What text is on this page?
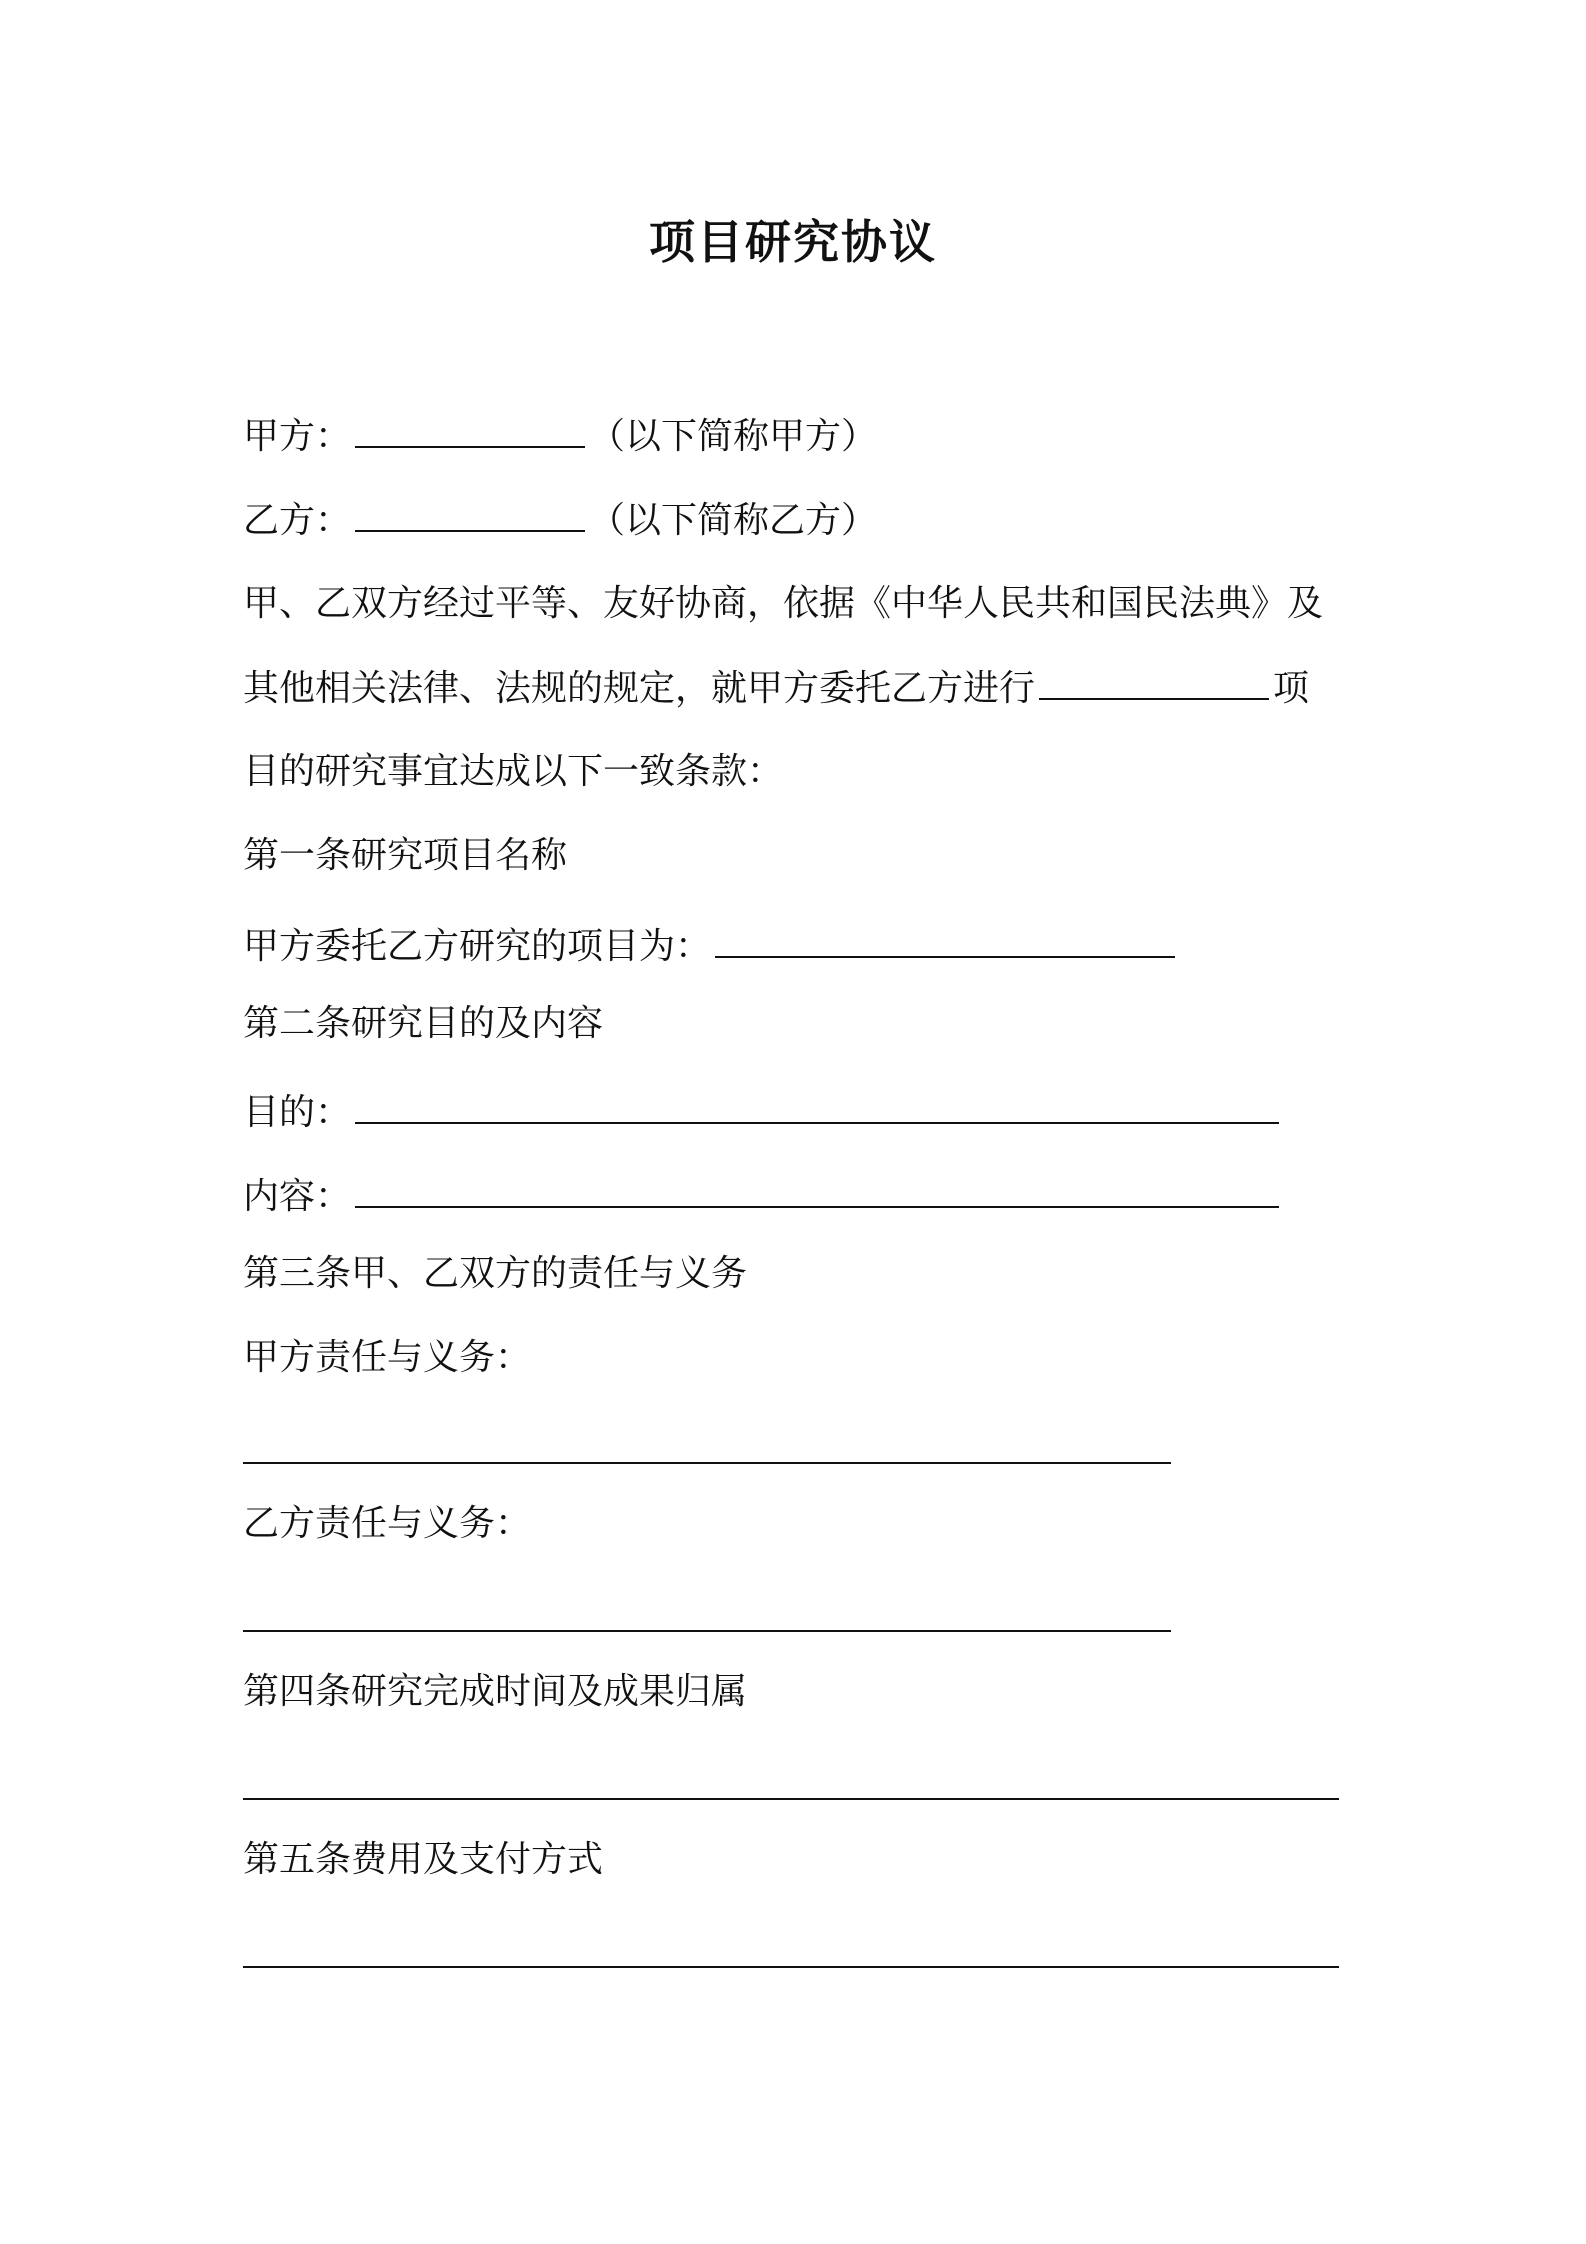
项目研究协议
甲方：	（以下简称甲方）
乙方：	（以下简称乙方）
甲、乙双方经过平等、友好协商，依据《中华人民共和国民法典》及
其他相关法律、法规的规定，就甲方委托乙方进行	项
目的研究事宜达成以下一致条款：
第一条研究项目名称
甲方委托乙方研究的项目为：
第二条研究目的及内容
目的：
内容：
第三条甲、乙双方的责任与义务
甲方责任与义务：
乙方责任与义务：
第四条研究完成时间及成果归属
第五条费用及支付方式
